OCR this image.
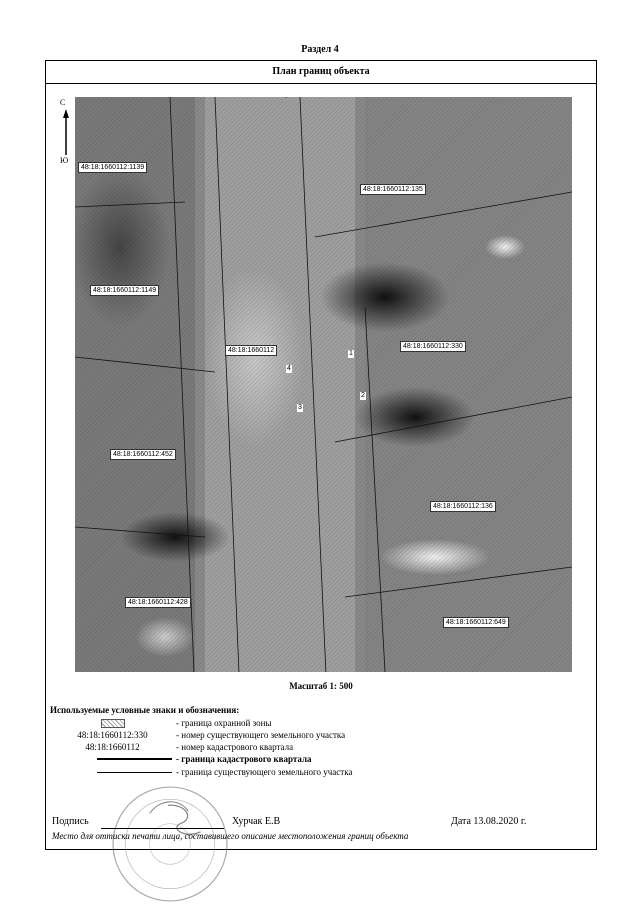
Раздел 4
План границ объекта
С
Ю
48:18:1660112:1139
48:18:1660112:135
48:18:1660112:1149
48:18:1660112
48:18:1660112:330
48:18:1660112:452
48:18:1660112:136
48:18:1660112:428
48:18:1660112:649
1
2
3
4
Масштаб 1: 500
Используемые условные знаки и обозначения:
- граница охранной зоны
48:18:1660112:330	- номер существующего земельного участка
48:18:1660112	- номер кадастрового квартала
- граница кадастрового квартала
- граница существующего земельного участка
Подпись	Хурчак Е.В	Дата 13.08.2020 г.
Место для оттиска печати лица, составившего описание местоположения границ объекта
